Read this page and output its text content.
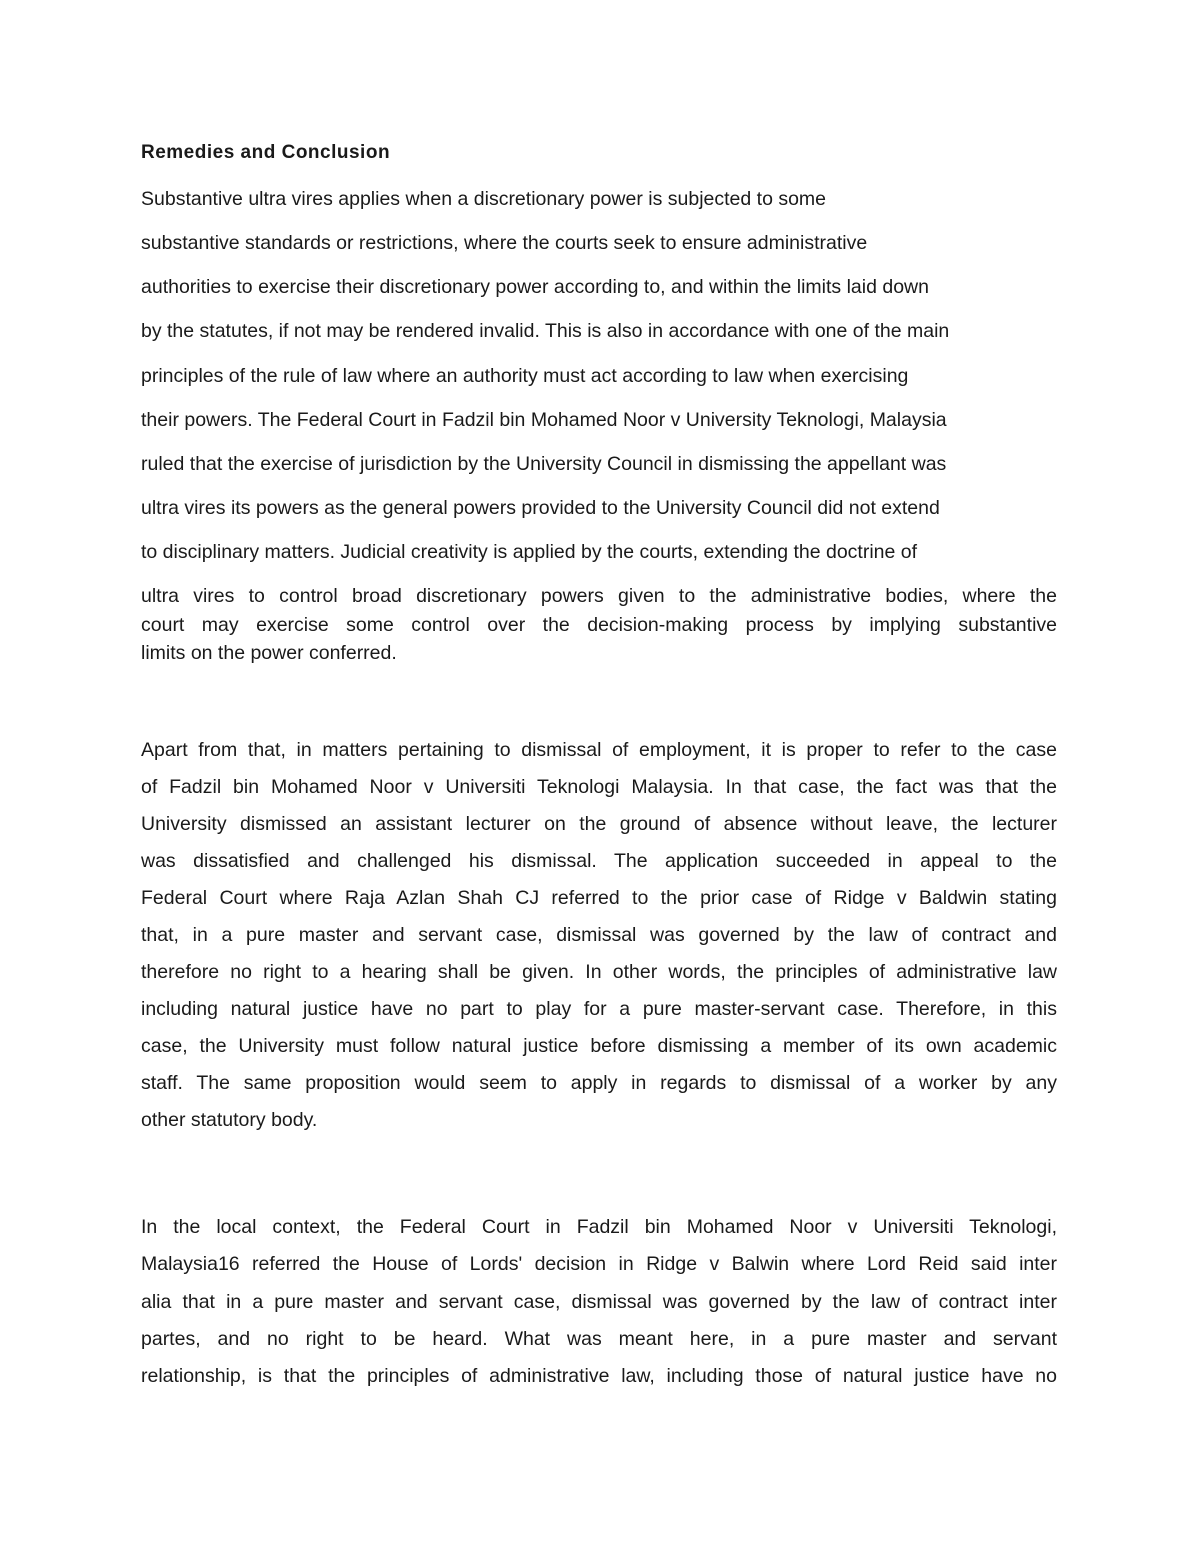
Remedies and Conclusion

Substantive ultra vires applies when a discretionary power is subjected to some

substantive standards or restrictions, where the courts seek to ensure administrative

authorities to exercise their discretionary power according to, and within the limits laid down

by the statutes, if not may be rendered invalid. This is also in accordance with one of the main

principles of the rule of law where an authority must act according to law when exercising

their powers. The Federal Court in Fadzil bin Mohamed Noor v University Teknologi, Malaysia

ruled that the exercise of jurisdiction by the University Council in dismissing the appellant was

ultra vires its powers as the general powers provided to the University Council did not extend

to disciplinary matters. Judicial creativity is applied by the courts, extending the doctrine of

ultra vires to control broad discretionary powers given to the administrative bodies, where the

court may exercise some control over the decision-making process by implying substantive

limits on the power conferred.

Apart from that, in matters pertaining to dismissal of employment, it is proper to refer to the case

of Fadzil bin Mohamed Noor v Universiti Teknologi Malaysia. In that case, the fact was that the

University dismissed an assistant lecturer on the ground of absence without leave, the lecturer

was dissatisfied and challenged his dismissal. The application succeeded in appeal to the

Federal Court where Raja Azlan Shah CJ referred to the prior case of Ridge v Baldwin stating

that, in a pure master and servant case, dismissal was governed by the law of contract and

therefore no right to a hearing shall be given. In other words, the principles of administrative law

including natural justice have no part to play for a pure master-servant case. Therefore, in this

case, the University must follow natural justice before dismissing a member of its own academic

staff. The same proposition would seem to apply in regards to dismissal of a worker by any

other statutory body.

In the local context, the Federal Court in Fadzil bin Mohamed Noor v Universiti Teknologi,

Malaysia16 referred the House of Lords' decision in Ridge v Balwin where Lord Reid said inter

alia that in a pure master and servant case, dismissal was governed by the law of contract inter

partes, and no right to be heard. What was meant here, in a pure master and servant

relationship, is that the principles of administrative law, including those of natural justice have no
